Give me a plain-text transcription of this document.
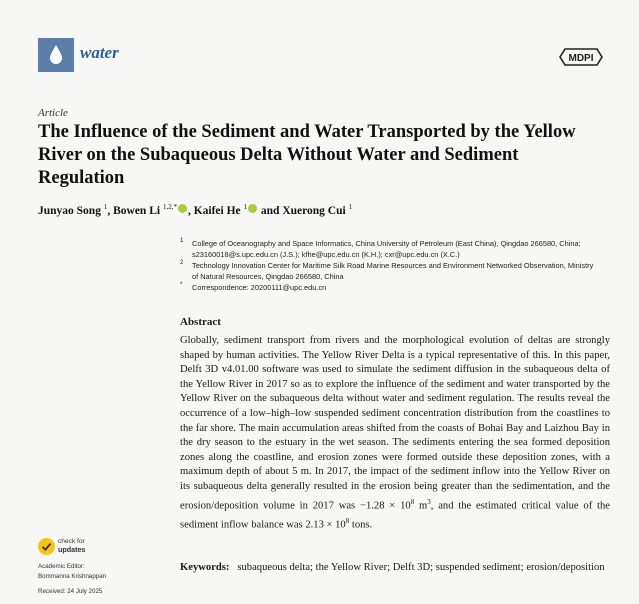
water	MDPI
Article
The Influence of the Sediment and Water Transported by the Yellow River on the Subaqueous Delta Without Water and Sediment Regulation
Junyao Song $^1$, Bowen Li $^{1,2,*}$ , Kaifei He $^1$ and Xuerong Cui $^1$
1 College of Oceanography and Space Informatics, China University of Petroleum (East China), Qingdao 266580, China; s23160018@s.upc.edu.cn (J.S.); kfhe@upc.edu.cn (K.H.); cxr@upc.edu.cn (X.C.)
2 Technology Innovation Center for Maritime Silk Road Marine Resources and Environment Networked Observation, Ministry of Natural Resources, Qingdao 266580, China
* Correspondence: 20200111@upc.edu.cn
Abstract
Globally, sediment transport from rivers and the morphological evolution of deltas are strongly shaped by human activities. The Yellow River Delta is a typical representative of this. In this paper, Delft 3D v4.01.00 software was used to simulate the sediment diffusion in the subaqueous delta of the Yellow River in 2017 so as to explore the influence of the sediment and water transported by the Yellow River on the subaqueous delta without water and sediment regulation. The results reveal the occurrence of a low–high–low suspended sediment concentration distribution from the coastlines to the far shore. The main accumulation areas shifted from the coasts of Bohai Bay and Laizhou Bay in the dry season to the estuary in the wet season. The sediments entering the sea formed deposition zones along the coastline, and erosion zones were formed outside these deposition zones, with a maximum depth of about 5 m. In 2017, the impact of the sediment inflow into the Yellow River on its subaqueous delta generally resulted in the erosion being greater than the sedimentation, and the erosion/deposition volume in 2017 was $-1.28 \times 10^8$ $m^3$, and the estimated critical value of the sediment inflow balance was $2.13 \times 10^8$ tons.
Keywords: subaqueous delta; the Yellow River; Delft 3D; suspended sediment; erosion/deposition
check for
updates
Academic Editor:
Bommanna Krishnappan
Received: 24 July 2025
